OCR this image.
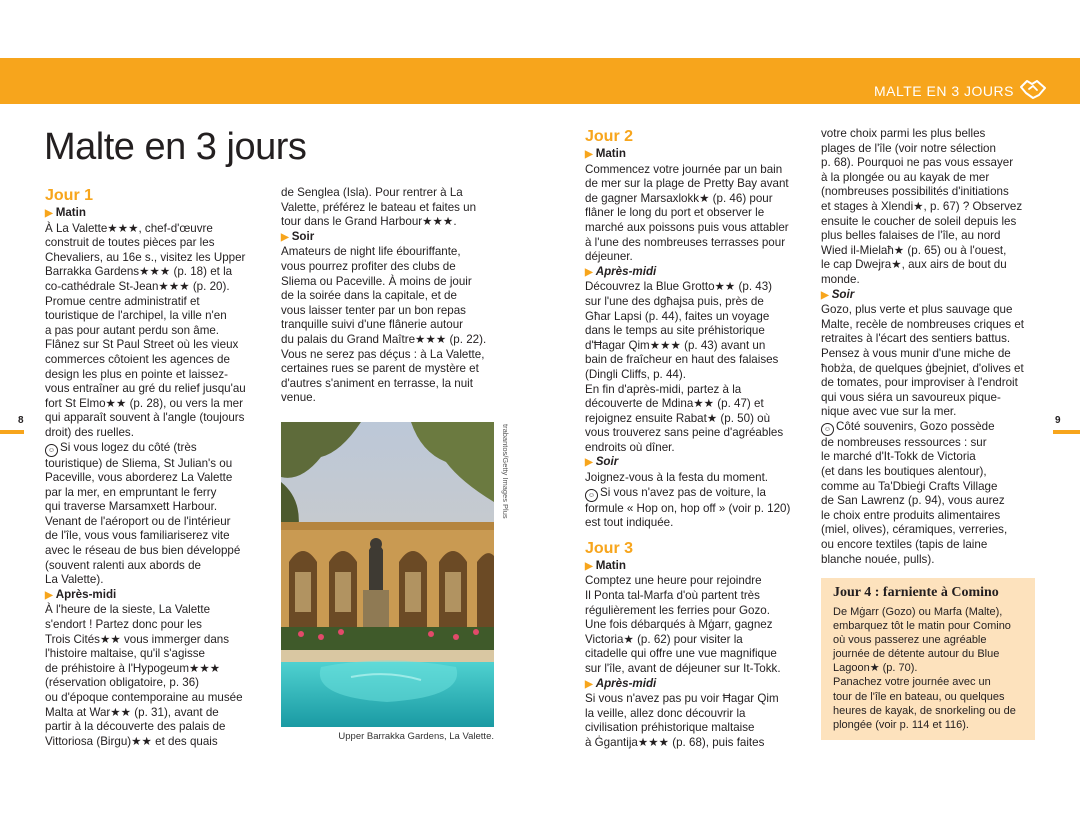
MALTE EN 3 JOURS
8	9
Malte en 3 jours
Jour 1
▶ Matin

À La Valette★★★, chef-d'œuvre

construit de toutes pièces par les

Chevaliers, au 16e s., visitez les Upper

Barrakka Gardens★★★ (p. 18) et la

co-cathédrale St-Jean★★★ (p. 20).

Promue centre administratif et

touristique de l'archipel, la ville n'en

a pas pour autant perdu son âme.

Flânez sur St Paul Street où les vieux

commerces côtoient les agences de

design les plus en pointe et laissez-

vous entraîner au gré du relief jusqu'au

fort St Elmo★★ (p. 28), ou vers la mer

qui apparaît souvent à l'angle (toujours

droit) des ruelles.

☺ Si vous logez du côté (très

touristique) de Sliema, St Julian's ou

Paceville, vous aborderez La Valette

par la mer, en empruntant le ferry

qui traverse Marsamxett Harbour.

Venant de l'aéroport ou de l'intérieur

de l'île, vous vous familiariserez vite

avec le réseau de bus bien développé

(souvent ralenti aux abords de

La Valette).

▶ Après-midi

À l'heure de la sieste, La Valette

s'endort ! Partez donc pour les

Trois Cités★★ vous immerger dans

l'histoire maltaise, qu'il s'agisse

de préhistoire à l'Hypogeum★★★

(réservation obligatoire, p. 36)

ou d'époque contemporaine au musée

Malta at War★★ (p. 31), avant de

partir à la découverte des palais de

Vittoriosa (Birgu)★★ et des quais

de Senglea (Isla). Pour rentrer à La

Valette, préférez le bateau et faites un

tour dans le Grand Harbour★★★.

▶ Soir

Amateurs de night life ébouriffante,

vous pourrez profiter des clubs de

Sliema ou Paceville. À moins de jouir

de la soirée dans la capitale, et de

vous laisser tenter par un bon repas

tranquille suivi d'une flânerie autour

du palais du Grand Maître★★★ (p. 22).

Vous ne serez pas déçus : à La Valette,

certaines rues se parent de mystère et

d'autres s'animent en terrasse, la nuit

venue.

trabantos/Getty Images Plus
Upper Barrakka Gardens, La Valette.
Jour 2
▶ Matin

Commencez votre journée par un bain

de mer sur la plage de Pretty Bay avant

de gagner Marsaxlokk★ (p. 46) pour

flâner le long du port et observer le

marché aux poissons puis vous attabler

à l'une des nombreuses terrasses pour

déjeuner.

▶ Après-midi

Découvrez la Blue Grotto★★ (p. 43)

sur l'une des dgħajsa puis, près de

Għar Lapsi (p. 44), faites un voyage

dans le temps au site préhistorique

d'Ħagar Qim★★★ (p. 43) avant un

bain de fraîcheur en haut des falaises

(Dingli Cliffs, p. 44).

En fin d'après-midi, partez à la

découverte de Mdina★★ (p. 47) et

rejoignez ensuite Rabat★ (p. 50) où

vous trouverez sans peine d'agréables

endroits où dîner.

▶ Soir

Joignez-vous à la festa du moment.

☺ Si vous n'avez pas de voiture, la

formule « Hop on, hop off » (voir p. 120)

est tout indiquée.

Jour 3
▶ Matin

Comptez une heure pour rejoindre

Il Ponta tal-Marfa d'où partent très

régulièrement les ferries pour Gozo.

Une fois débarqués à Mġarr, gagnez

Victoria★ (p. 62) pour visiter la

citadelle qui offre une vue magnifique

sur l'île, avant de déjeuner sur It-Tokk.

▶ Après-midi

Si vous n'avez pas pu voir Ħagar Qim

la veille, allez donc découvrir la

civilisation préhistorique maltaise

à Ġgantija★★★ (p. 68), puis faites

votre choix parmi les plus belles

plages de l'île (voir notre sélection

p. 68). Pourquoi ne pas vous essayer

à la plongée ou au kayak de mer

(nombreuses possibilités d'initiations

et stages à Xlendi★, p. 67) ? Observez

ensuite le coucher de soleil depuis les

plus belles falaises de l'île, au nord

Wied il-Mielaħ★ (p. 65) ou à l'ouest,

le cap Dwejra★, aux airs de bout du

monde.

▶ Soir

Gozo, plus verte et plus sauvage que

Malte, recèle de nombreuses criques et

retraites à l'écart des sentiers battus.

Pensez à vous munir d'une miche de

ħobża, de quelques ġbejniet, d'olives et

de tomates, pour improviser à l'endroit

qui vous siéra un savoureux pique-

nique avec vue sur la mer.

☺ Côté souvenirs, Gozo possède

de nombreuses ressources : sur

le marché d'It-Tokk de Victoria

(et dans les boutiques alentour),

comme au Ta'Dbieġi Crafts Village

de San Lawrenz (p. 94), vous aurez

le choix entre produits alimentaires

(miel, olives), céramiques, verreries,

ou encore textiles (tapis de laine

blanche nouée, pulls).

Jour 4 : farniente à Comino

De Mġarr (Gozo) ou Marfa (Malte),

embarquez tôt le matin pour Comino

où vous passerez une agréable

journée de détente autour du Blue

Lagoon★ (p. 70).

Panachez votre journée avec un

tour de l'île en bateau, ou quelques

heures de kayak, de snorkeling ou de

plongée (voir p. 114 et 116).
